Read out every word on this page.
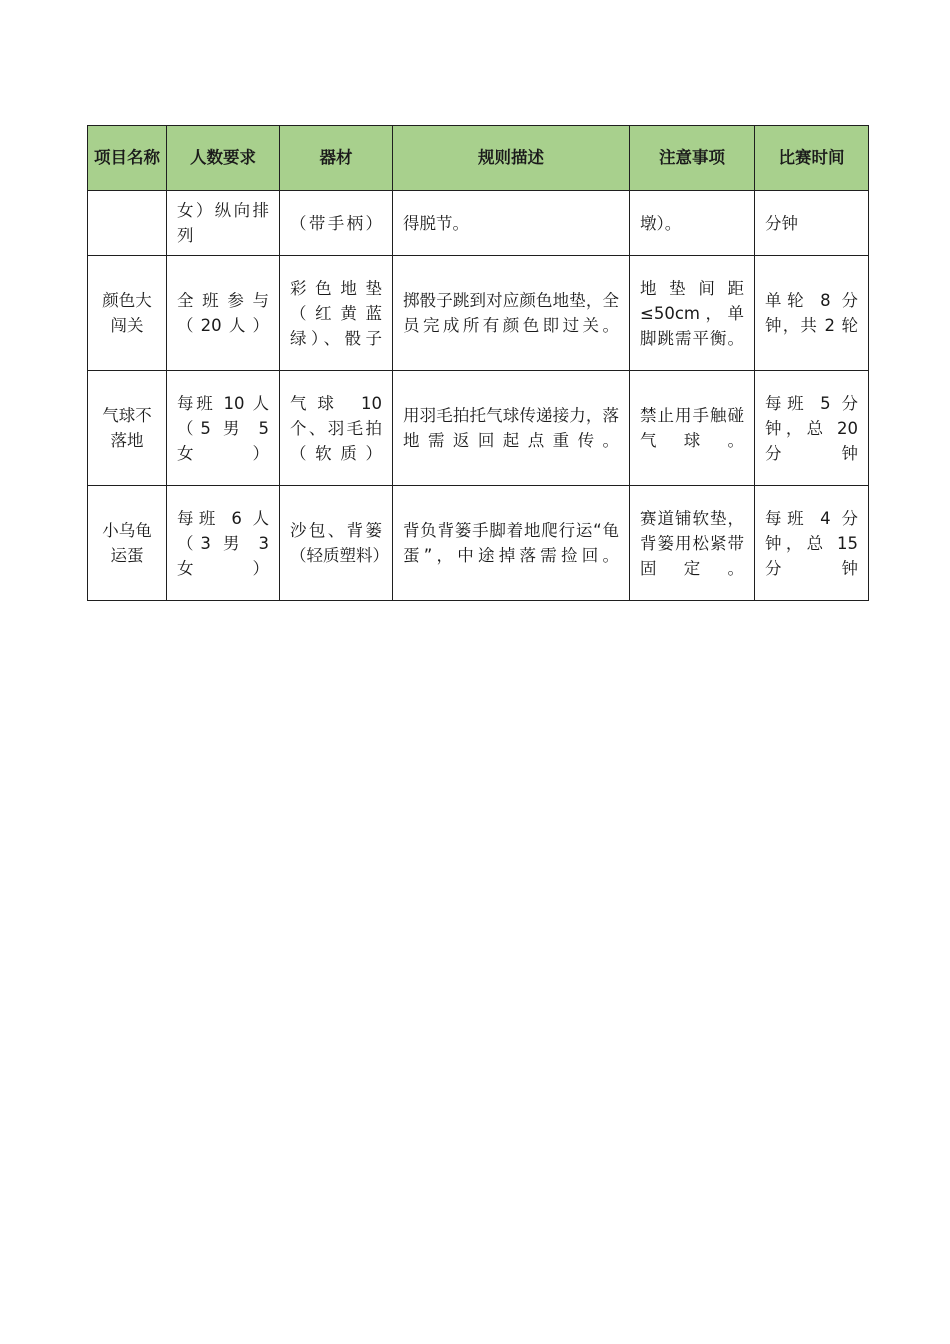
项目名称	人数要求	器材	规则描述	注意事项	比赛时间
	女）纵向排列	（带手柄）	得脱节。	墩）。	分钟
颜色大闯关	全班参与（20人）	彩色地垫（红黄蓝绿）、骰子	掷骰子跳到对应颜色地垫，全员完成所有颜色即过关。	地垫间距≤50cm，单脚跳需平衡。	单轮 8 分钟，共 2 轮
气球不落地	每班 10 人（5 男 5 女）	气球 10 个、羽毛拍（软质）	用羽毛拍托气球传递接力，落地需返回起点重传。	禁止用手触碰气球。	每班 5 分钟，总 20 分钟
小乌龟运蛋	每班 6 人（3 男 3 女）	沙包、背篓（轻质塑料）	背负背篓手脚着地爬行运“龟蛋”，中途掉落需捡回。	赛道铺软垫，背篓用松紧带固定。	每班 4 分钟，总 15 分钟
